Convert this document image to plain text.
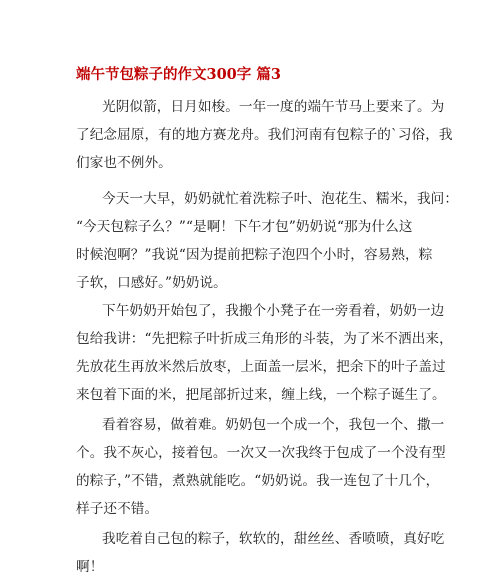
端午节包粽子的作文300字 篇3
光阴似箭，日月如梭。一年一度的端午节马上要来了。为
了纪念屈原，有的地方赛龙舟。我们河南有包粽子的`习俗，我
们家也不例外。
今天一大早，奶奶就忙着洗粽子叶、泡花生、糯米，我问：
“今天包粽子么？”“是啊！下午才包”奶奶说“那为什么这
时候泡啊？”我说“因为提前把粽子泡四个小时，容易熟，粽
子软，口感好。”奶奶说。
下午奶奶开始包了，我搬个小凳子在一旁看着，奶奶一边
包给我讲：“先把粽子叶折成三角形的斗装，为了米不洒出来，
先放花生再放米然后放枣，上面盖一层米，把余下的叶子盖过
来包着下面的米，把尾部折过来，缠上线，一个粽子诞生了。
看着容易，做着难。奶奶包一个成一个，我包一个、撒一
个。我不灰心，接着包。一次又一次我终于包成了一个没有型
的粽子，”不错，煮熟就能吃。“奶奶说。我一连包了十几个，
样子还不错。
我吃着自己包的粽子，软软的，甜丝丝、香喷喷，真好吃
啊！
